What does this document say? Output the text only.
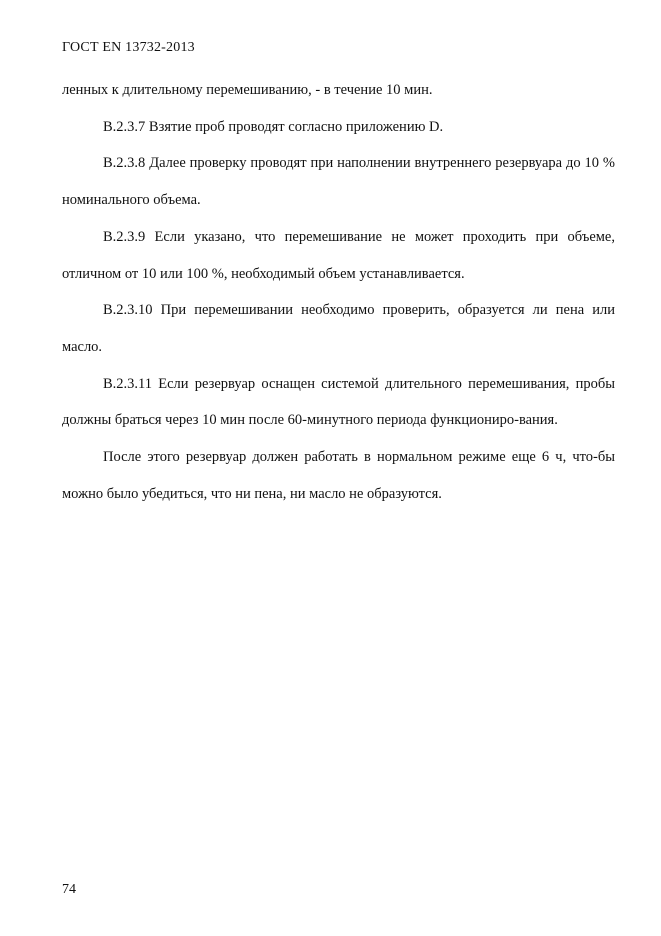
ГОСТ EN 13732-2013

ленных к длительному перемешиванию, - в течение 10 мин.

B.2.3.7 Взятие проб проводят согласно приложению D.

B.2.3.8 Далее проверку проводят при наполнении внутреннего резервуара до 10 % номинального объема.

B.2.3.9 Если указано, что перемешивание не может проходить при объеме, отличном от 10 или 100 %, необходимый объем устанавливается.

B.2.3.10 При перемешивании необходимо проверить, образуется ли пена или масло.

B.2.3.11 Если резервуар оснащен системой длительного перемешивания, пробы должны браться через 10 мин после 60-минутного периода функциониро-вания.

После этого резервуар должен работать в нормальном режиме еще 6 ч, что-бы можно было убедиться, что ни пена, ни масло не образуются.

74
